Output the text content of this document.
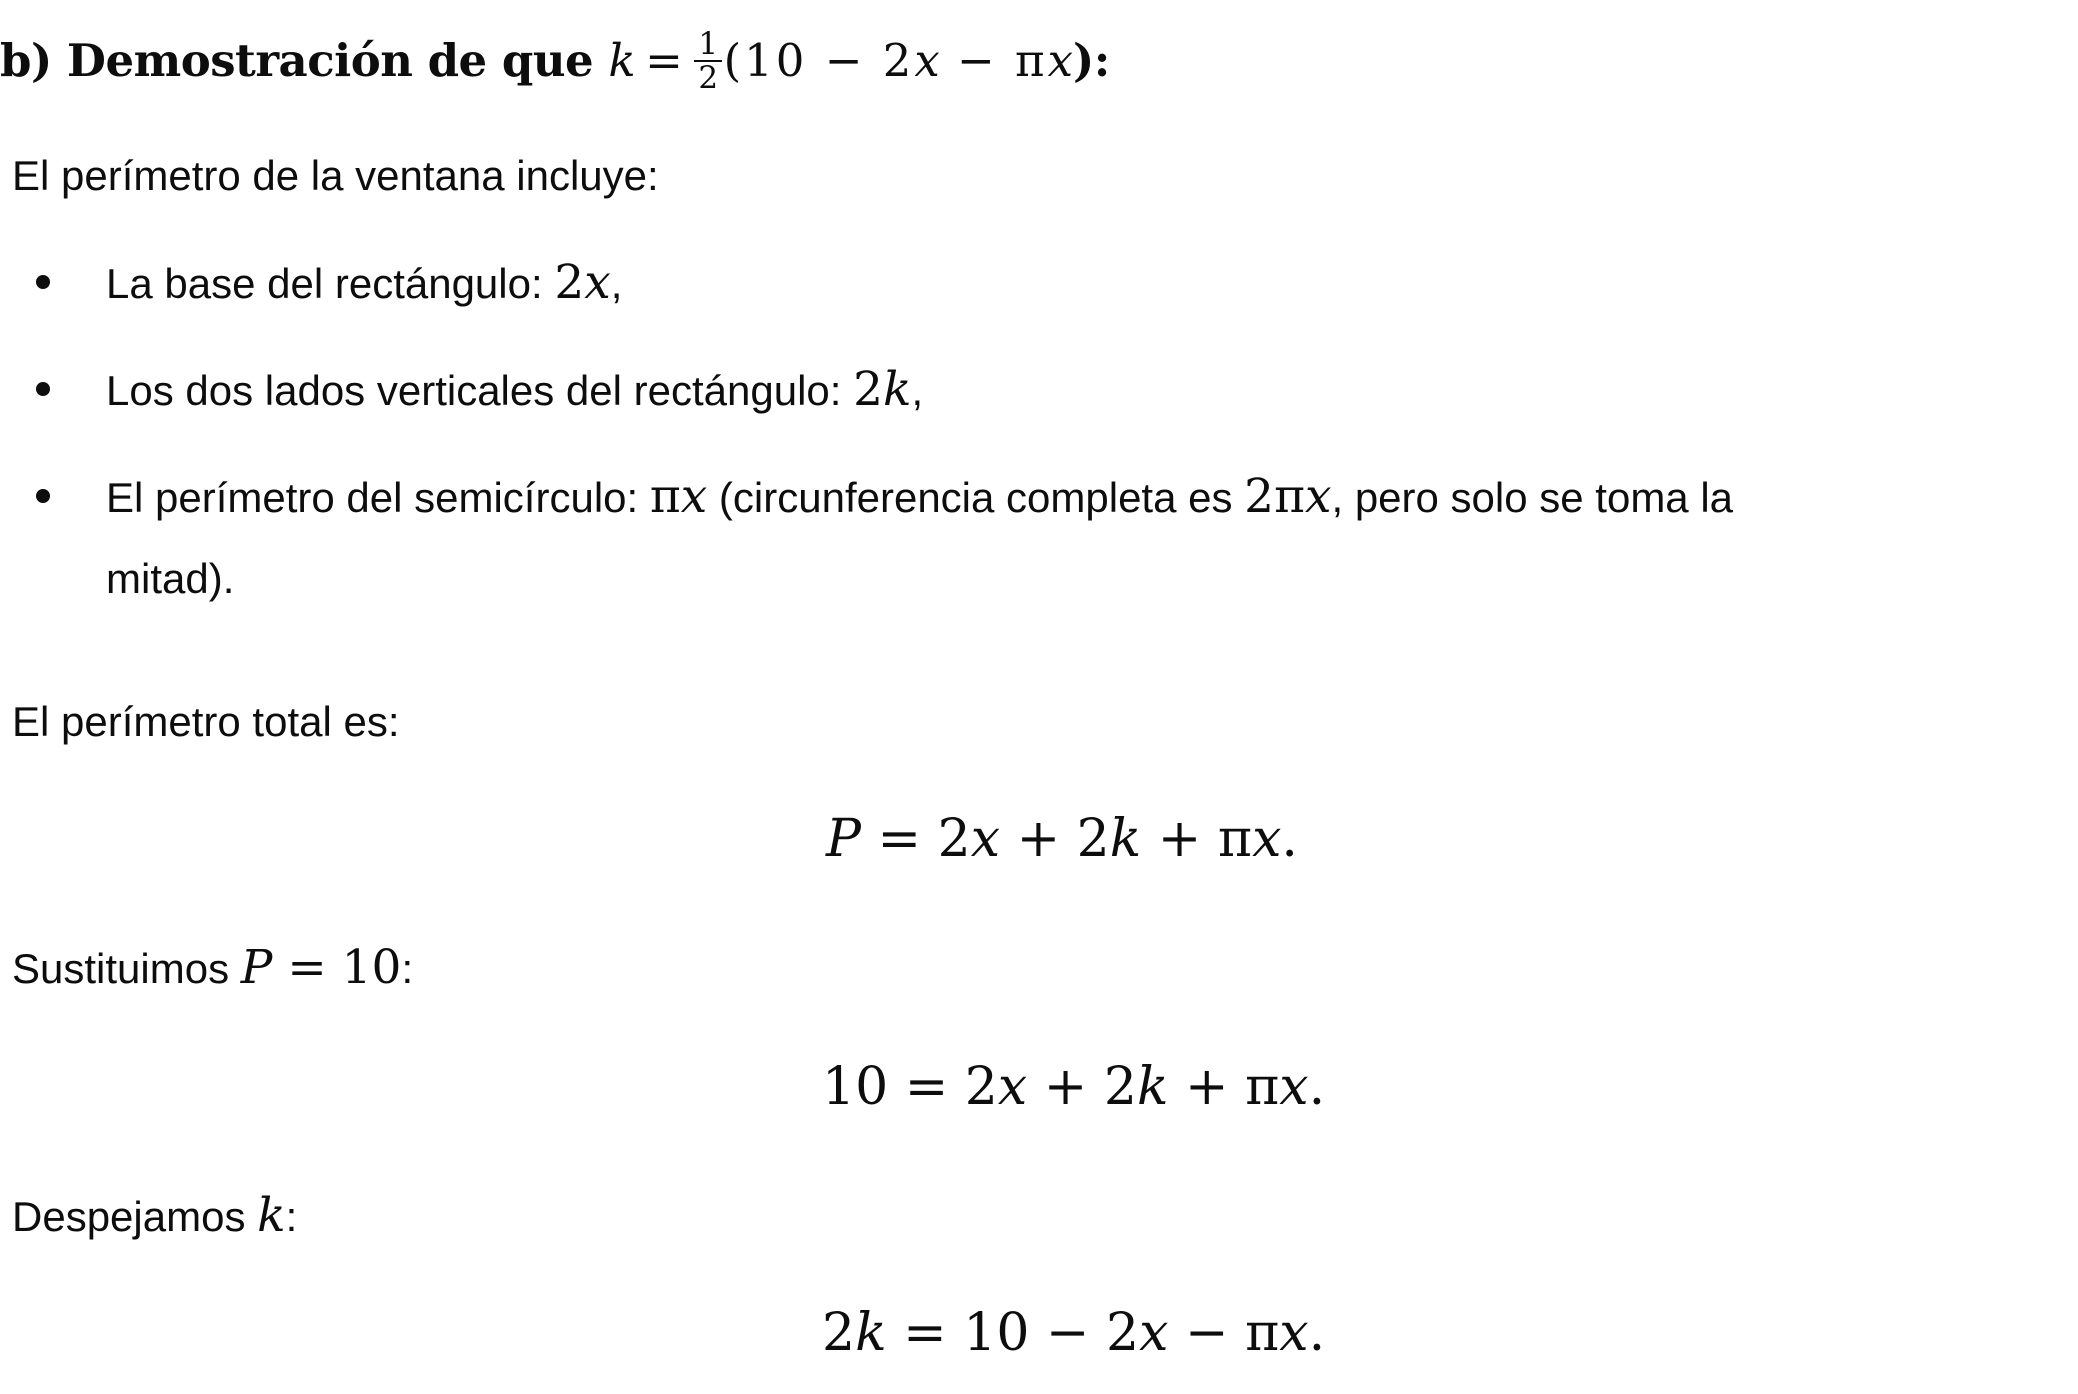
b) Demostración de que $k = \frac{1}{2} (10 - 2x - \pi x)$:
El perímetro de la ventana incluye:
La base del rectángulo: 2x,
Los dos lados verticales del rectángulo: 2k,
El perímetro del semicírculo: πx (circunferencia completa es 2πx, pero solo se toma la
mitad).
El perímetro total es:
P = 2x + 2k + πx.
Sustituimos P = 10:
10 = 2x + 2k + πx.
Despejamos k:
2k = 10 − 2x − πx.
